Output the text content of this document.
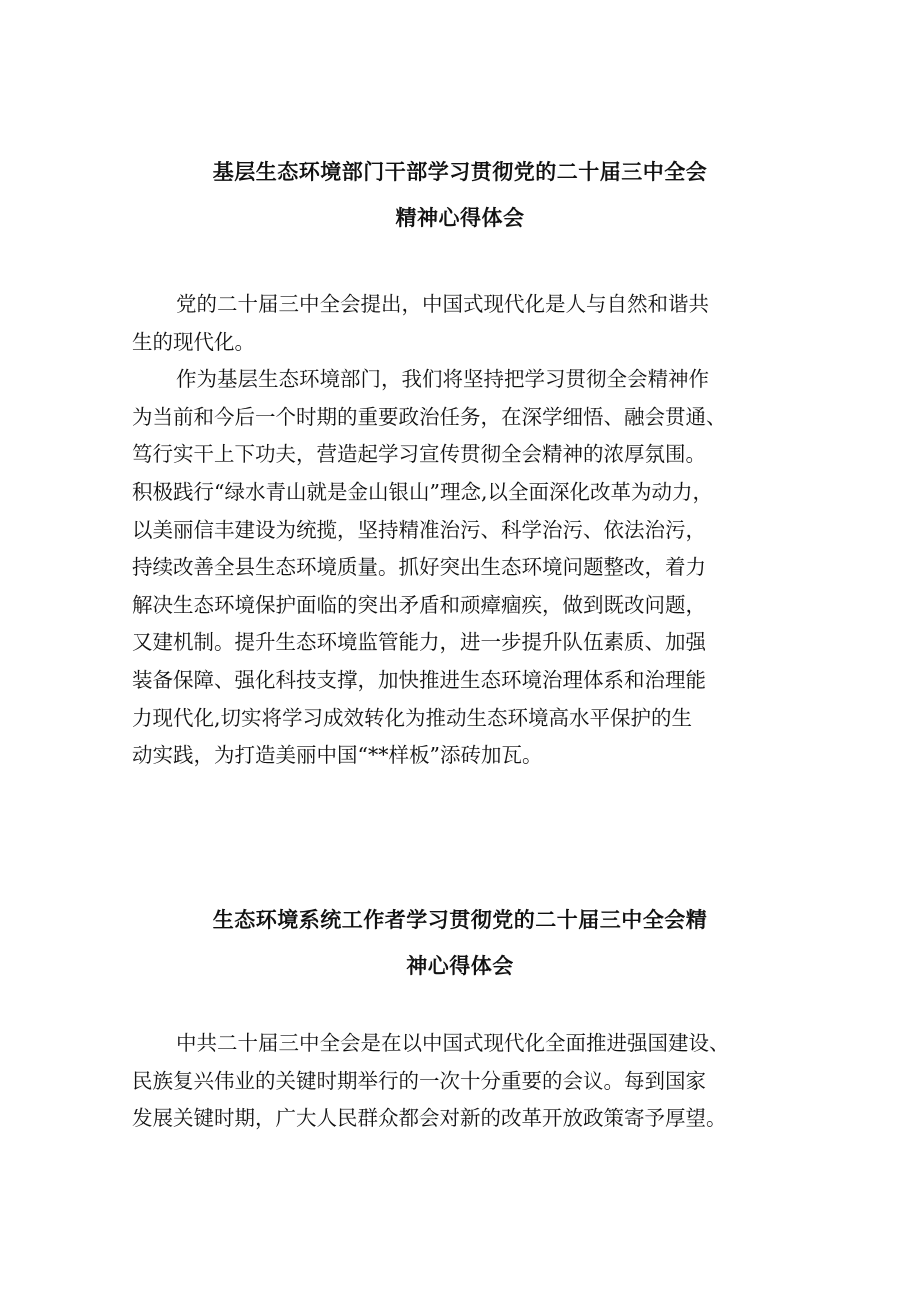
基层生态环境部门干部学习贯彻党的二十届三中全会
精神心得体会
党的二十届三中全会提出，中国式现代化是人与自然和谐共
生的现代化。
作为基层生态环境部门，我们将坚持把学习贯彻全会精神作
为当前和今后一个时期的重要政治任务，在深学细悟、融会贯通、
笃行实干上下功夫，营造起学习宣传贯彻全会精神的浓厚氛围。
积极践行“绿水青山就是金山银山”理念,以全面深化改革为动力，
以美丽信丰建设为统揽，坚持精准治污、科学治污、依法治污，
持续改善全县生态环境质量。抓好突出生态环境问题整改，着力
解决生态环境保护面临的突出矛盾和顽瘴痼疾，做到既改问题，
又建机制。提升生态环境监管能力，进一步提升队伍素质、加强
装备保障、强化科技支撑，加快推进生态环境治理体系和治理能
力现代化,切实将学习成效转化为推动生态环境高水平保护的生
动实践，为打造美丽中国“**样板”添砖加瓦。
生态环境系统工作者学习贯彻党的二十届三中全会精
神心得体会
中共二十届三中全会是在以中国式现代化全面推进强国建设、
民族复兴伟业的关键时期举行的一次十分重要的会议。每到国家
发展关键时期，广大人民群众都会对新的改革开放政策寄予厚望。
